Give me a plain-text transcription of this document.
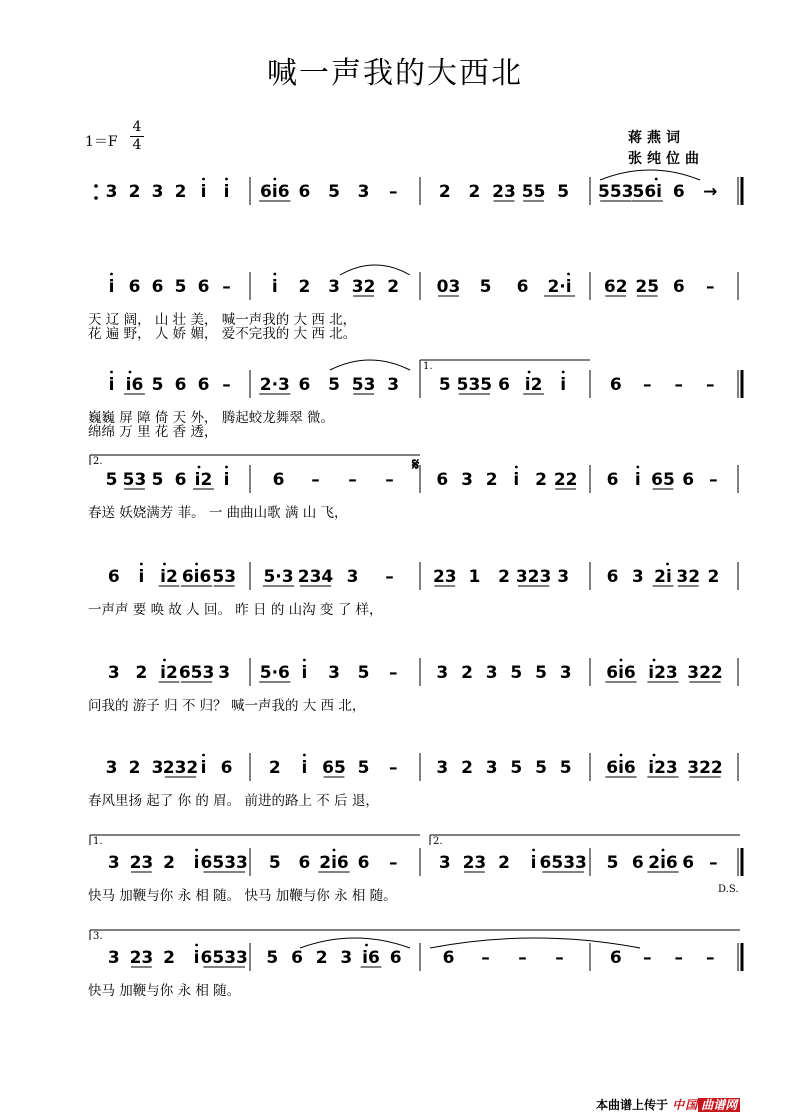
喊一声我的大西北
1＝F
4
4	蒋燕词
张纯位曲
3 2 3 2 i i 6i6 6 5 3 – 2 2 23 55 5 553 56i 6 →
i 6 6 5 6 – i 2 3 32 2 03 5 6 2·i 62 25 6 –
天 辽 阔， 山 壮 美， 喊一声我的 大 西 北，
花 遍 野， 人 娇 媚， 爱不完我的 大 西 北。
i i6 5 6 6 – 2·3 6 5 53 3 5 535 6 i2 i	6 – – –
巍巍 屏 障 倚 天 外， 腾起蛟龙舞翠 微。
绵绵 万 里 花 香 透，
5 53 5 6 i2 i	6 – – –	6 3 2 i 2 22 6 i 65 6 –
春送 妖娆满芳 菲。 一 曲曲山歌 满 山 飞，
6 i i2 6i6 53 5·3 234 3 – 23 1 2 323 3 6 3 2i 32 2
一声声 要 唤 故 人 回。 昨 日 的 山沟 变 了 样，
3 2 i2 653 3 5·6 i 3 5 – 3 2 3 5 5 3 6i6 i23 322
问我的 游子 归 不 归？ 喊一声我的 大 西 北，
3 2 3 232 i 6 2 i 65 5 – 3 2 3 5 5 5 6i6 i23 322
春风里扬 起了 你 的 眉。 前进的路上 不 后 退，
3 23 2 i 6533 5 6 2i6 6 – 3 23 2 i 6533 5 6 2i6 6 –
快马 加鞭与你 永 相 随。 快马 加鞭与你 永 相 随。
3 23 2 i 6533 5 6 2 3 i6 6 6 – – –	6 – – –
快马 加鞭与你 永 相 随。
1.
2.
1.	2.
3.
𝄋
D.S.
本曲谱上传于 中国 曲谱网
